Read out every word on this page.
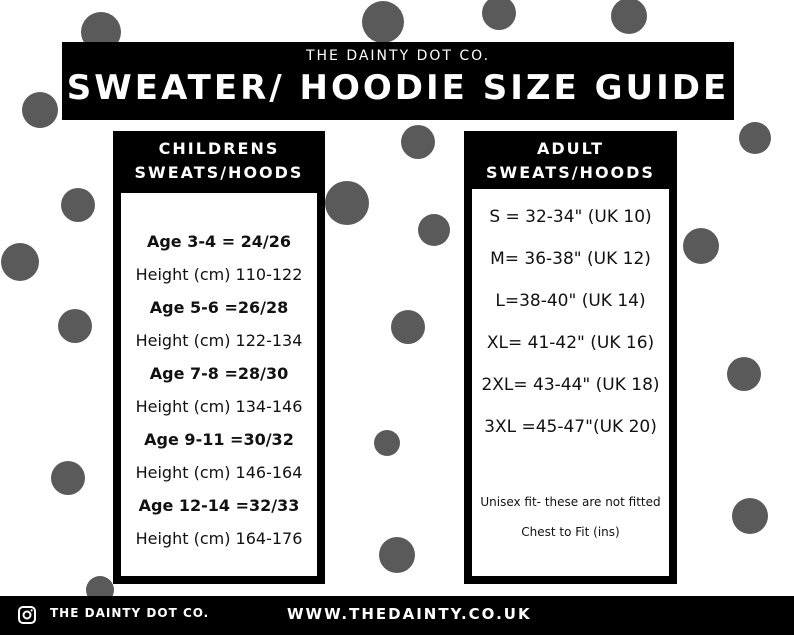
THE DAINTY DOT CO.
SWEATER/ HOODIE SIZE GUIDE
CHILDRENS
SWEATS/HOODS
Age 3-4 = 24/26
Height (cm) 110-122
Age 5-6 =26/28
Height (cm) 122-134
Age 7-8 =28/30
Height (cm) 134-146
Age 9-11 =30/32
Height (cm) 146-164
Age 12-14 =32/33
Height (cm) 164-176
ADULT
SWEATS/HOODS
S = 32-34" (UK 10)
M= 36-38" (UK 12)
L=38-40" (UK 14)
XL= 41-42" (UK 16)
2XL= 43-44" (UK 18)
3XL =45-47"(UK 20)
Unisex fit- these are not fitted
Chest to Fit (ins)
THE DAINTY DOT CO.	WWW.THEDAINTY.CO.UK
